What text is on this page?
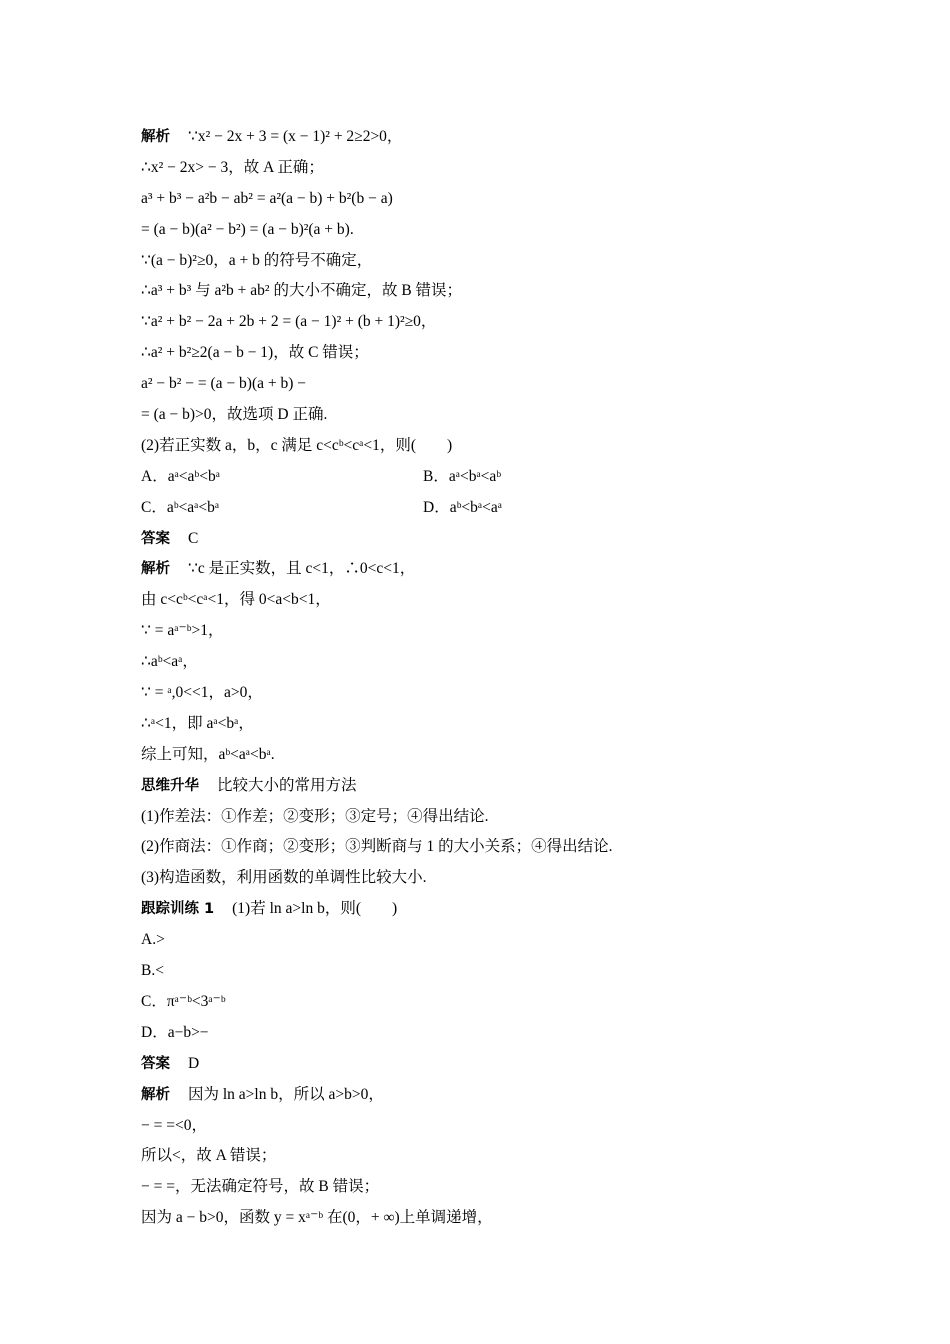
解析 ∵x² − 2x + 3 = (x − 1)² + 2≥2>0，
∴x² − 2x> − 3，故 A 正确；
a³ + b³ − a²b − ab² = a²(a − b) + b²(b − a)
= (a − b)(a² − b²) = (a − b)²(a + b).
∵(a − b)²≥0，a + b 的符号不确定，
∴a³ + b³ 与 a²b + ab² 的大小不确定，故 B 错误；
∵a² + b² − 2a + 2b + 2 = (a − 1)² + (b + 1)²≥0，
∴a² + b²≥2(a − b − 1)，故 C 错误；
a² − b² − = (a − b)(a + b) −
= (a − b)>0，故选项 D 正确.
(2)若正实数 a，b，c 满足 c<cᵇ<cᵃ<1，则(　　)
A．aᵃ<aᵇ<bᵃ	B．aᵃ<bᵃ<aᵇ
C．aᵇ<aᵃ<bᵃ	D．aᵇ<bᵃ<aᵃ
答案 C
解析 ∵c 是正实数，且 c<1，∴0<c<1，
由 c<cᵇ<cᵃ<1，得 0<a<b<1，
∵ = aᵃ⁻ᵇ>1，
∴aᵇ<aᵃ，
∵ = ᵃ,0<<1，a>0，
∴ᵃ<1，即 aᵃ<bᵃ，
综上可知，aᵇ<aᵃ<bᵃ.
思维升华 比较大小的常用方法
(1)作差法：①作差；②变形；③定号；④得出结论.
(2)作商法：①作商；②变形；③判断商与 1 的大小关系；④得出结论.
(3)构造函数，利用函数的单调性比较大小.
跟踪训练 1 (1)若 ln a>ln b，则(　　)
A.>
B.<
C．πᵃ⁻ᵇ<3ᵃ⁻ᵇ
D．a−b>−
答案 D
解析 因为 ln a>ln b，所以 a>b>0，
− = =<0，
所以<，故 A 错误；
− = =，无法确定符号，故 B 错误；
因为 a − b>0，函数 y = xᵃ⁻ᵇ 在(0，+ ∞)上单调递增，
